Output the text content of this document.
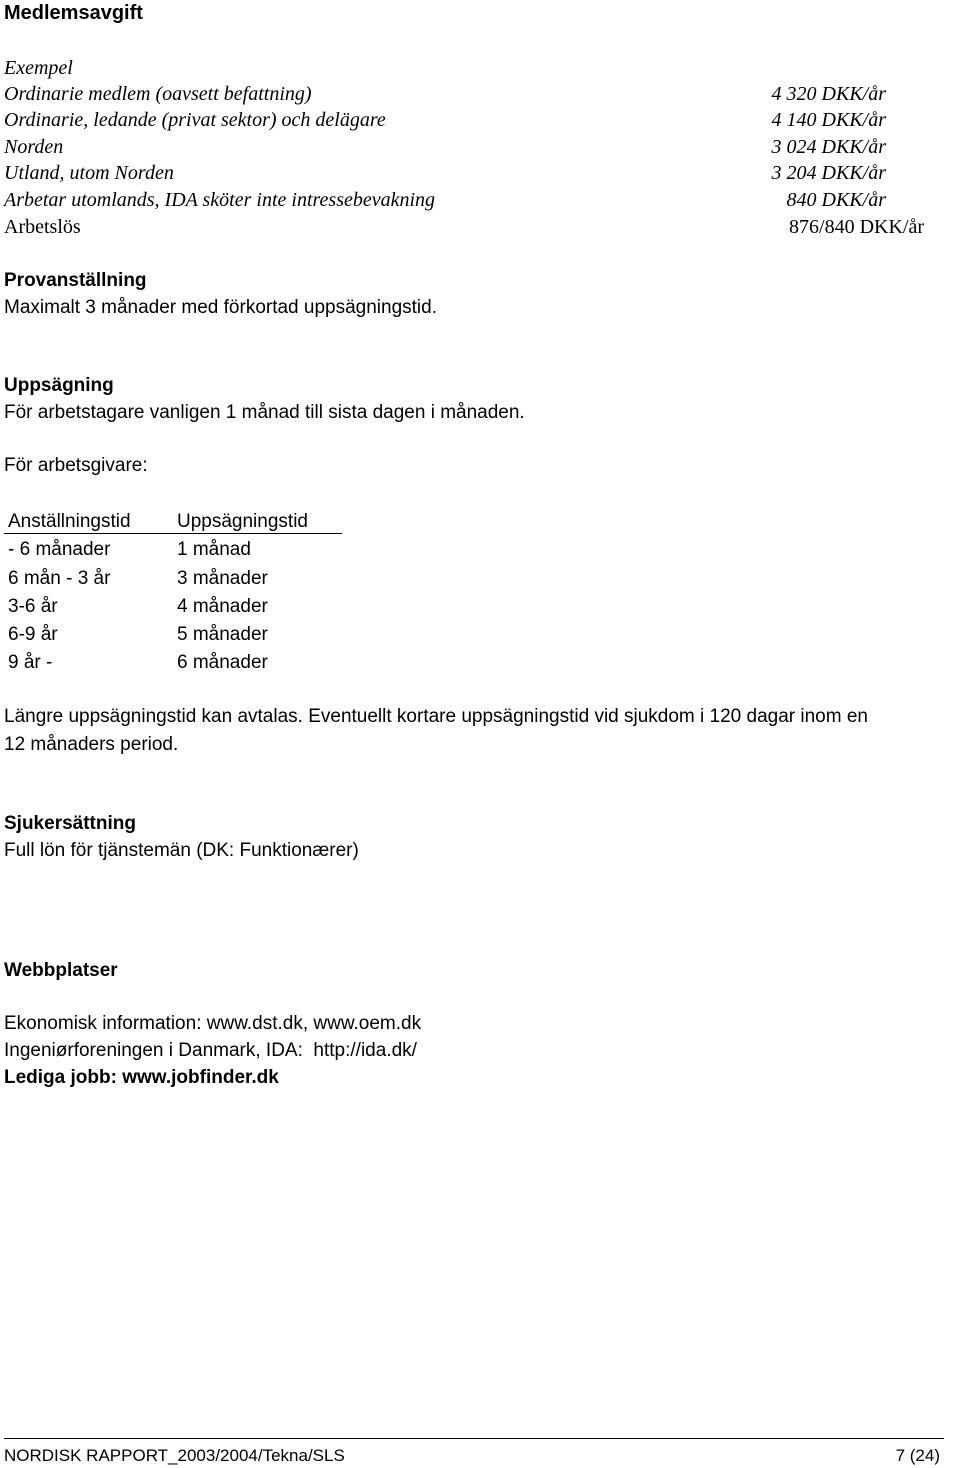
Medlemsavgift
Exempel
Ordinarie medlem (oavsett befattning)	4 320 DKK/år
Ordinarie, ledande (privat sektor) och delägare	4 140 DKK/år
Norden	3 024 DKK/år
Utland, utom Norden	3 204 DKK/år
Arbetar utomlands, IDA sköter inte intressebevakning	840 DKK/år
Arbetslös	876/840 DKK/år
Provanställning
Maximalt 3 månader med förkortad uppsägningstid.
Uppsägning
För arbetstagare vanligen 1 månad till sista dagen i månaden.
För arbetsgivare:
Anställningstid Uppsägningstid
- 6 månader	1 månad
6 mån - 3 år	3 månader
3-6 år	4 månader
6-9 år	5 månader
9 år -	6 månader
Längre uppsägningstid kan avtalas. Eventuellt kortare uppsägningstid vid sjukdom i 120 dagar inom en
12 månaders period.
Sjukersättning
Full lön för tjänstemän (DK: Funktionærer)
Webbplatser
Ekonomisk information: www.dst.dk, www.oem.dk
Ingeniørforeningen i Danmark, IDA:  http://ida.dk/
Lediga jobb: www.jobfinder.dk
NORDISK RAPPORT_2003/2004/Tekna/SLS	7 (24)
